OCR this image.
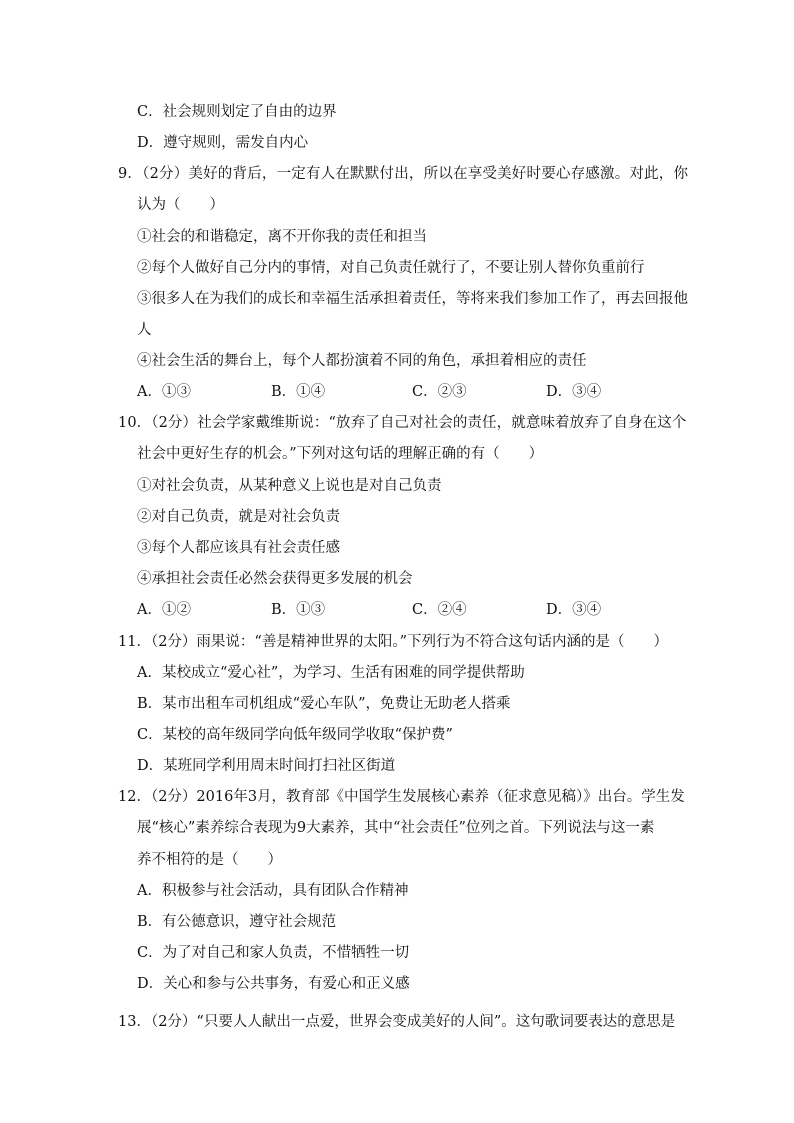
C．社会规则划定了自由的边界
D．遵守规则，需发自内心
9．（2分）美好的背后，一定有人在默默付出，所以在享受美好时要心存感激。对此，你
认为（　　）
①社会的和谐稳定，离不开你我的责任和担当
②每个人做好自己分内的事情，对自己负责任就行了，不要让别人替你负重前行
③很多人在为我们的成长和幸福生活承担着责任，等将来我们参加工作了，再去回报他
人
④社会生活的舞台上，每个人都扮演着不同的角色，承担着相应的责任
A．①③	B．①④	C．②③	D．③④
10．（2分）社会学家戴维斯说：“放弃了自己对社会的责任，就意味着放弃了自身在这个
社会中更好生存的机会。”下列对这句话的理解正确的有（　　）
①对社会负责，从某种意义上说也是对自己负责
②对自己负责，就是对社会负责
③每个人都应该具有社会责任感
④承担社会责任必然会获得更多发展的机会
A．①②	B．①③	C．②④	D．③④
11．（2分）雨果说：“善是精神世界的太阳。”下列行为不符合这句话内涵的是（　　）
A．某校成立“爱心社”，为学习、生活有困难的同学提供帮助
B．某市出租车司机组成“爱心车队”，免费让无助老人搭乘
C．某校的高年级同学向低年级同学收取“保护费”
D．某班同学利用周末时间打扫社区街道
12．（2分）2016年3月，教育部《中国学生发展核心素养（征求意见稿）》出台。学生发
展“核心”素养综合表现为9大素养，其中“社会责任”位列之首。下列说法与这一素
养不相符的是（　　）
A．积极参与社会活动，具有团队合作精神
B．有公德意识，遵守社会规范
C．为了对自己和家人负责，不惜牺牲一切
D．关心和参与公共事务，有爱心和正义感
13．（2分）“只要人人献出一点爱，世界会变成美好的人间”。这句歌词要表达的意思是
